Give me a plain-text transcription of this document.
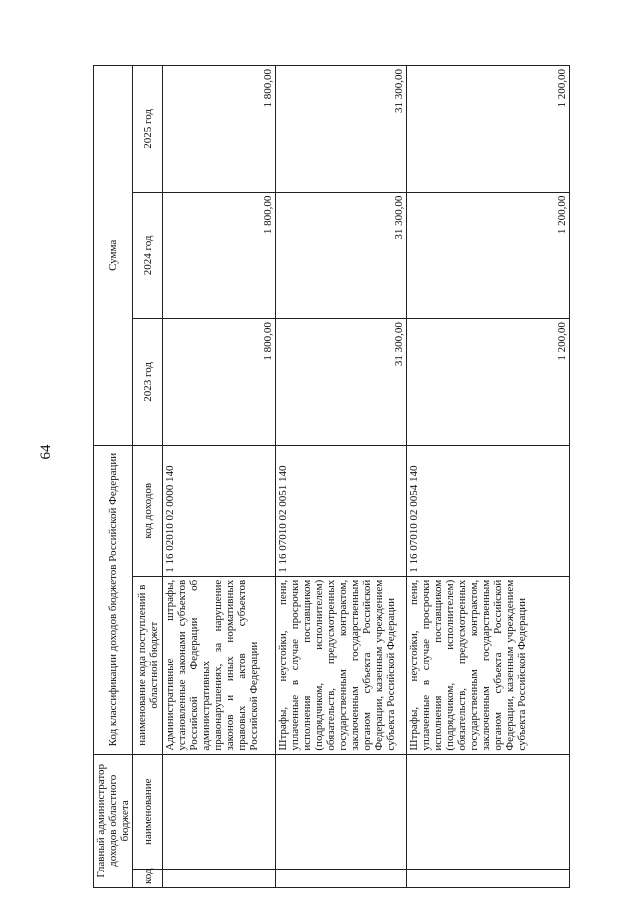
64
Главный администратор доходов областного бюджета		Код классификации доходов бюджетов Российской Федерации		Сумма		
код	наименование	наименование кода поступлений в областной бюджет	код доходов	2023 год	2024 год	2025 год
		Административные штрафы, установленные законами субъектов Российской Федерации об административных правонарушениях, за нарушение законов и иных нормативных правовых актов субъектов Российской Федерации	1 16 02010 02 0000 140	1 800,00	1 800,00	1 800,00
		Штрафы, неустойки, пени, уплаченные в случае просрочки исполнения поставщиком (подрядчиком, исполнителем) обязательств, предусмотренных государственным контрактом, заключенным государственным органом субъекта Российской Федерации, казенным учреждением субъекта Российской Федерации	1 16 07010 02 0051 140	31 300,00	31 300,00	31 300,00
		Штрафы, неустойки, пени, уплаченные в случае просрочки исполнения поставщиком (подрядчиком, исполнителем) обязательств, предусмотренных государственным контрактом, заключенным государственным органом субъекта Российской Федерации, казенным учреждением субъекта Российской Федерации	1 16 07010 02 0054 140	1 200,00	1 200,00	1 200,00
